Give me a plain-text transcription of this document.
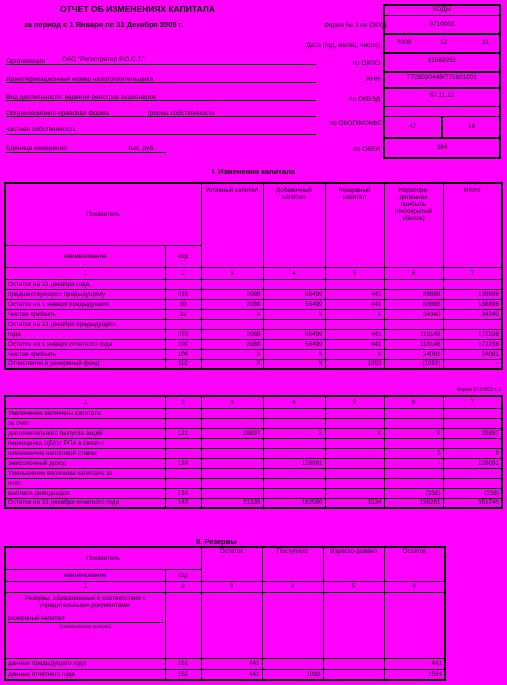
ОТЧЕТ ОБ ИЗМЕНЕНИЯХ КАПИТАЛА
за период с 1 Января по 31 Декабря 2009 г.	Форма № 3 по ОКУД
КОДЫ
0710003
Дата (год, месяц, число)	2009	12	31
Организация	ОАО "Регистратор Р.О.С.Т."
по ОКПО	31569251
Идентификационный номер налогоплательщика	ИНН	7726030449/771801001
Вид деятельности: ведение реестров акционеров	по ОКВЭД
67.11.12
Организационно-правовая форма	форма собственности
частная собственность
по ОКОПФ/ОКФС	47	16
Единица измерения	тыс. руб.	по ОКЕИ	384
I. Изменения капитала
Показатель		Уставный капитал	Добавочный капитал	Резервный капитал	Нераспре-деленная прибыль (непокрытый убыток)	Итого
наименование	код					
1	2	3	4	5	6	7
Остаток на 31 декабря года,						
предшествующего предыдущему	010	2088	56499	441	88868	138896
Остаток на 1 января предыдущего	30	2088	56499	441	88868	138896
Чистая прибыль	32	X	X	X	34340	34340
Остаток на 31 декабря предыдущего						
года	070	2088	56499	441	113148	172236
Остаток на 1 января отчетного года	100	2088	56499	441	113148	172236
Чистая прибыль	106	X	X	X	24081	24081
Отчисления в резервный фонд	110	X	X	1093	(1093)	-
Форма 0710003 с.2
1	2	3	4	5	6	7
Увеличение величины капитала						
за счет:						
дополнительного выпуска акций	121	28897	X	X	X	28897
переоценка ЦБ(по РПА в связи с						
изменением налоговой ставки					9	9
эмиссионный доход	124	-	126091	-	-	126091
Уменьшение величины капитала за						
счет:						
выплата дивидендов	134				(236)	(236)
Остаток на 31 декабря отчетного года	140	31335	182590	1534	136281	351740
II. Резервы
Показатель		Остаток	Поступило	Израсхо-довано	Остаток
наименование	код				
1	2	3	4	5	6

Резервы, образованные в соответствии с учредительными документами:
резервный капитал
(наименование резерва)					

данные предыдущего года	151	441			441
данные отчетного года	152	441	1093	-	1534
